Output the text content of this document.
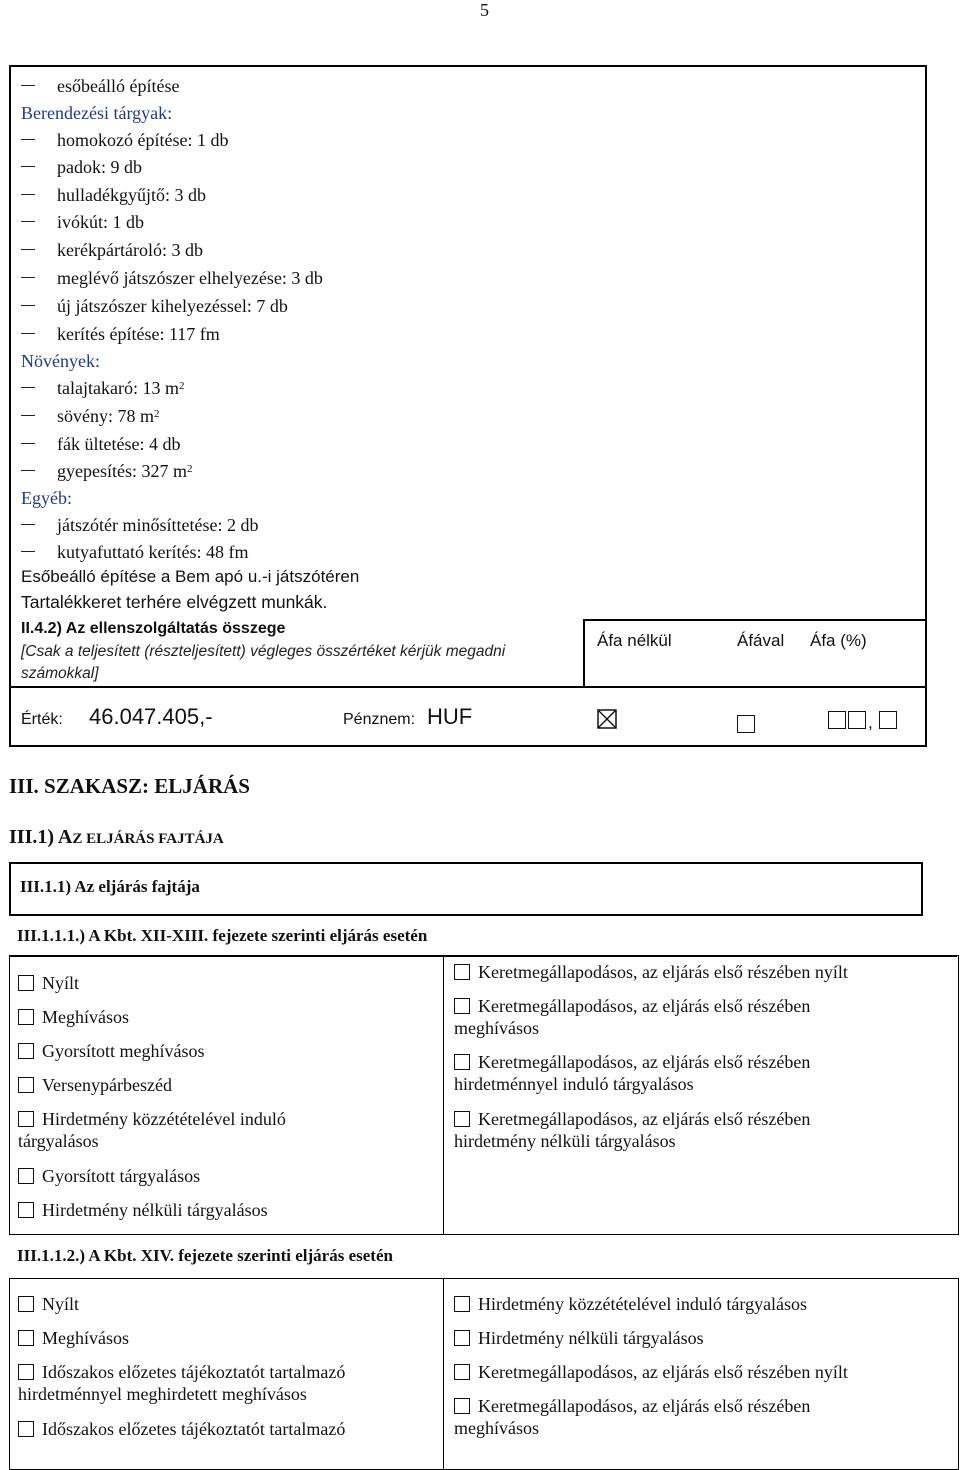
5
esőbeálló építése
Berendezési tárgyak:
homokozó építése: 1 db
padok: 9 db
hulladékgyűjtő: 3 db
ivókút: 1 db
kerékpártároló: 3 db
meglévő játszószer elhelyezése: 3 db
új játszószer kihelyezéssel: 7 db
kerítés építése: 117 fm
Növények:
talajtakaró: 13 $m^2$
sövény: 78 $m^2$
fák ültetése: 4 db
gyepesítés: 327 $m^2$
Egyéb:
játszótér minősíttetése: 2 db
kutyafuttató kerítés: 48 fm
Esőbeálló építése a Bem apó u.-i játszótéren
Tartalékkeret terhére elvégzett munkák.
II.4.2) Az ellenszolgáltatás összege
[Csak a teljesített (részteljesített) végleges összértéket kérjük megadni
számokkal]
Áfa nélkül	Áfával Áfa (%)
Érték: 46.047.405,-	Pénznem: HUF	,
III. SZAKASZ: ELJÁRÁS
III.1) AZ ELJÁRÁS FAJTÁJA
III.1.1) Az eljárás fajtája
III.1.1.1.) A Kbt. XII-XIII. fejezete szerinti eljárás esetén
Nyílt
Meghívásos
Gyorsított meghívásos
Versenypárbeszéd
Hirdetmény közzétételével induló
tárgyalásos
Gyorsított tárgyalásos
Hirdetmény nélküli tárgyalásos
Keretmegállapodásos, az eljárás első részében nyílt
Keretmegállapodásos, az eljárás első részében
meghívásos
Keretmegállapodásos, az eljárás első részében
hirdetménnyel induló tárgyalásos
Keretmegállapodásos, az eljárás első részében
hirdetmény nélküli tárgyalásos
III.1.1.2.) A Kbt. XIV. fejezete szerinti eljárás esetén
Nyílt
Meghívásos
Időszakos előzetes tájékoztatót tartalmazó
hirdetménnyel meghirdetett meghívásos
Időszakos előzetes tájékoztatót tartalmazó
Hirdetmény közzétételével induló tárgyalásos
Hirdetmény nélküli tárgyalásos
Keretmegállapodásos, az eljárás első részében nyílt
Keretmegállapodásos, az eljárás első részében
meghívásos
